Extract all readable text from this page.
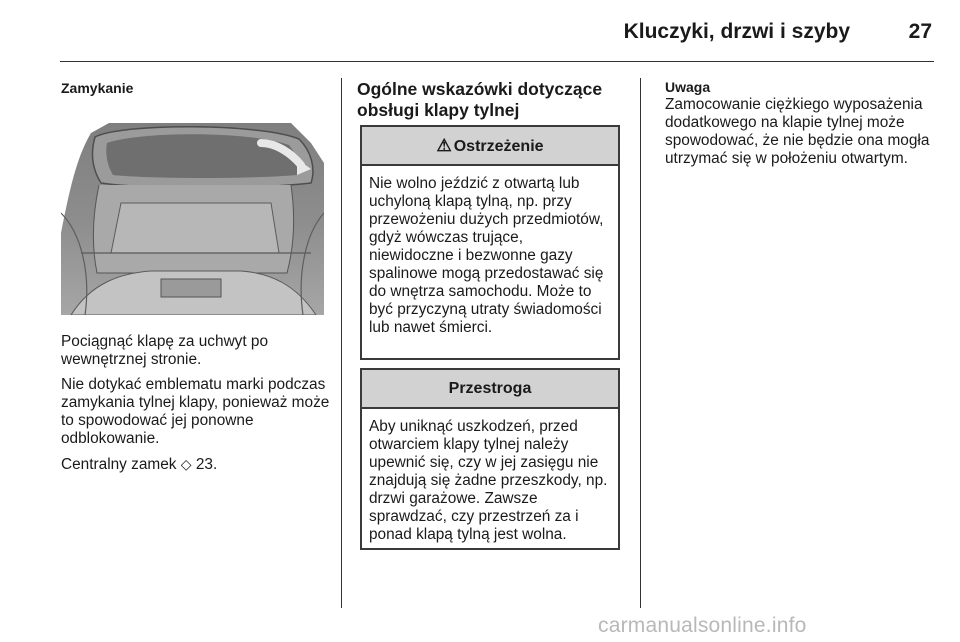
Kluczyki, drzwi i szyby	27

Zamykanie

Pociągnąć klapę za uchwyt po wewnętrznej stronie.

Nie dotykać emblematu marki podczas zamykania tylnej klapy, ponieważ może to spowodować jej ponowne odblokowanie.

Centralny zamek ◇ 23.

Ogólne wskazówki dotyczące obsługi klapy tylnej

⚠ Ostrzeżenie
Nie wolno jeździć z otwartą lub uchyloną klapą tylną, np. przy przewożeniu dużych przedmiotów, gdyż wówczas trujące, niewidoczne i bezwonne gazy spalinowe mogą przedostawać się do wnętrza samochodu. Może to być przyczyną utraty świadomości lub nawet śmierci.
Przestroga
Aby uniknąć uszkodzeń, przed otwarciem klapy tylnej należy upewnić się, czy w jej zasięgu nie znajdują się żadne przeszkody, np. drzwi garażowe. Zawsze sprawdzać, czy przestrzeń za i ponad klapą tylną jest wolna.
Uwaga
Zamocowanie ciężkiego wyposażenia dodatkowego na klapie tylnej może spowodować, że nie będzie ona mogła utrzymać się w położeniu otwartym.
carmanualsonline.info
